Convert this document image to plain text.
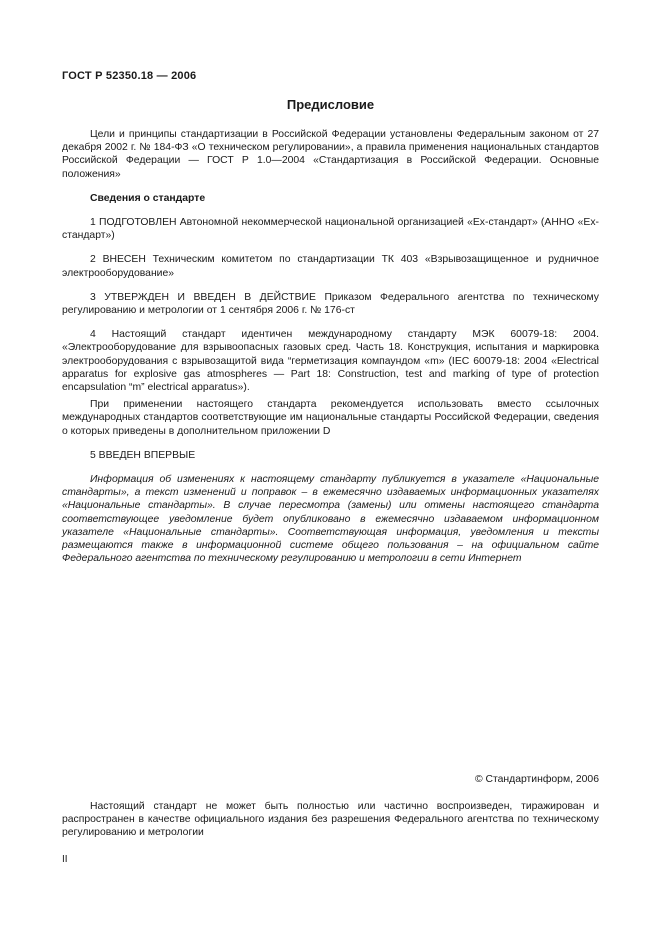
ГОСТ Р 52350.18 — 2006
Предисловие

Цели и принципы стандартизации в Российской Федерации установлены Федеральным законом от 27 декабря 2002 г. № 184-ФЗ «О техническом регулировании», а правила применения национальных стандартов Российской Федерации — ГОСТ Р 1.0—2004 «Стандартизация в Российской Федерации. Основные положения»

Сведения о стандарте

1 ПОДГОТОВЛЕН Автономной некоммерческой национальной организацией «Ех-стандарт» (АННО «Ех-стандарт»)

2 ВНЕСЕН Техническим комитетом по стандартизации ТК 403 «Взрывозащищенное и рудничное электрооборудование»

3 УТВЕРЖДЕН И ВВЕДЕН В ДЕЙСТВИЕ Приказом Федерального агентства по техническому регулированию и метрологии от 1 сентября 2006 г. № 176-ст

4 Настоящий стандарт идентичен международному стандарту МЭК 60079-18: 2004. «Электрооборудование для взрывоопасных газовых сред. Часть 18. Конструкция, испытания и маркировка электрооборудования с взрывозащитой вида “герметизация компаундом «m» (IEC 60079-18: 2004 «Electrical apparatus for explosive gas atmospheres — Part 18: Construction, test and marking of type of protection encapsulation “m” electrical apparatus»).

При применении настоящего стандарта рекомендуется использовать вместо ссылочных международных стандартов соответствующие им национальные стандарты Российской Федерации, сведения о которых приведены в дополнительном приложении D

5 ВВЕДЕН ВПЕРВЫЕ

Информация об изменениях к настоящему стандарту публикуется в указателе «Национальные стандарты», а текст изменений и поправок – в ежемесячно издаваемых информационных указателях «Национальные стандарты». В случае пересмотра (замены) или отмены настоящего стандарта соответствующее уведомление будет опубликовано в ежемесячно издаваемом информационном указателе «Национальные стандарты». Соответствующая информация, уведомления и тексты размещаются также в информационной системе общего пользования – на официальном сайте Федерального агентства по техническому регулированию и метрологии в сети Интернет

© Стандартинформ, 2006

Настоящий стандарт не может быть полностью или частично воспроизведен, тиражирован и распространен в качестве официального издания без разрешения Федерального агентства по техническому регулированию и метрологии

II
